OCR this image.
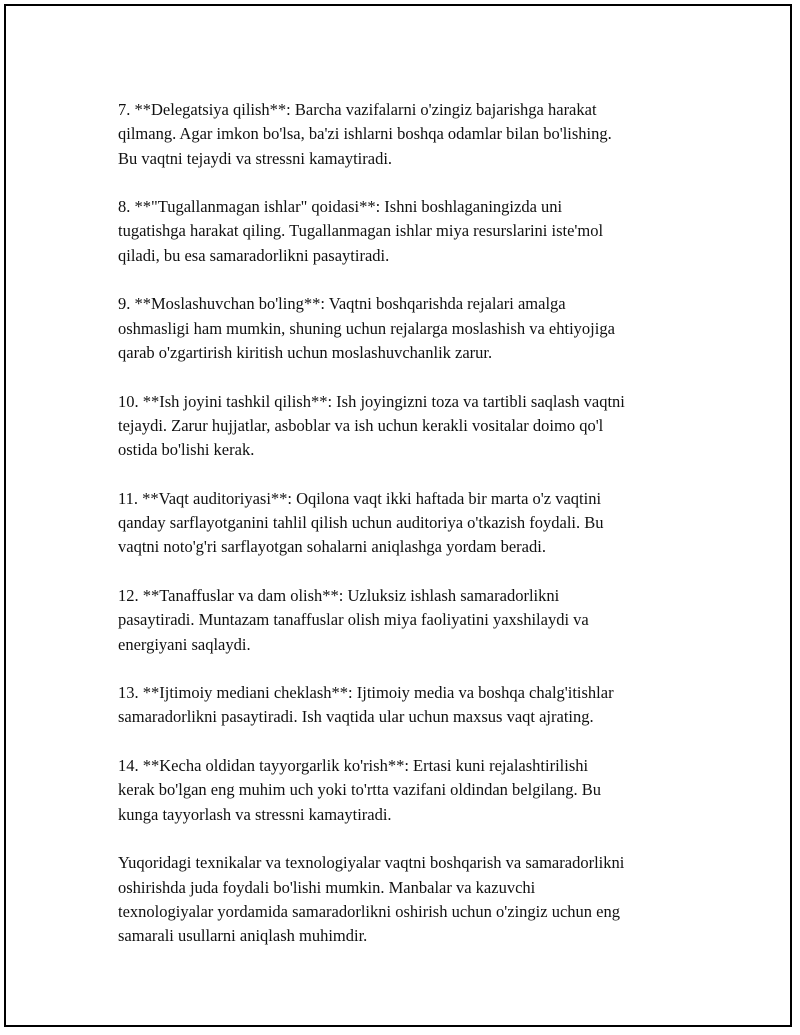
7. **Delegatsiya qilish**: Barcha vazifalarni o'zingiz bajarishga harakat
qilmang. Agar imkon bo'lsa, ba'zi ishlarni boshqa odamlar bilan bo'lishing.
Bu vaqtni tejaydi va stressni kamaytiradi.

8. **"Tugallanmagan ishlar" qoidasi**: Ishni boshlaganingizda uni
tugatishga harakat qiling. Tugallanmagan ishlar miya resurslarini iste'mol
qiladi, bu esa samaradorlikni pasaytiradi.

9. **Moslashuvchan bo'ling**: Vaqtni boshqarishda rejalari amalga
oshmasligi ham mumkin, shuning uchun rejalarga moslashish va ehtiyojiga
qarab o'zgartirish kiritish uchun moslashuvchanlik zarur.

10. **Ish joyini tashkil qilish**: Ish joyingizni toza va tartibli saqlash vaqtni
tejaydi. Zarur hujjatlar, asboblar va ish uchun kerakli vositalar doimo qo'l
ostida bo'lishi kerak.

11. **Vaqt auditoriyasi**: Oqilona vaqt ikki haftada bir marta o'z vaqtini
qanday sarflayotganini tahlil qilish uchun auditoriya o'tkazish foydali. Bu
vaqtni noto'g'ri sarflayotgan sohalarni aniqlashga yordam beradi.

12. **Tanaffuslar va dam olish**: Uzluksiz ishlash samaradorlikni
pasaytiradi. Muntazam tanaffuslar olish miya faoliyatini yaxshilaydi va
energiyani saqlaydi.

13. **Ijtimoiy mediani cheklash**: Ijtimoiy media va boshqa chalg'itishlar
samaradorlikni pasaytiradi. Ish vaqtida ular uchun maxsus vaqt ajrating.

14. **Kecha oldidan tayyorgarlik ko'rish**: Ertasi kuni rejalashtirilishi
kerak bo'lgan eng muhim uch yoki to'rtta vazifani oldindan belgilang. Bu
kunga tayyorlash va stressni kamaytiradi.

Yuqoridagi texnikalar va texnologiyalar vaqtni boshqarish va samaradorlikni
oshirishda juda foydali bo'lishi mumkin. Manbalar va kazuvchi
texnologiyalar yordamida samaradorlikni oshirish uchun o'zingiz uchun eng
samarali usullarni aniqlash muhimdir.
